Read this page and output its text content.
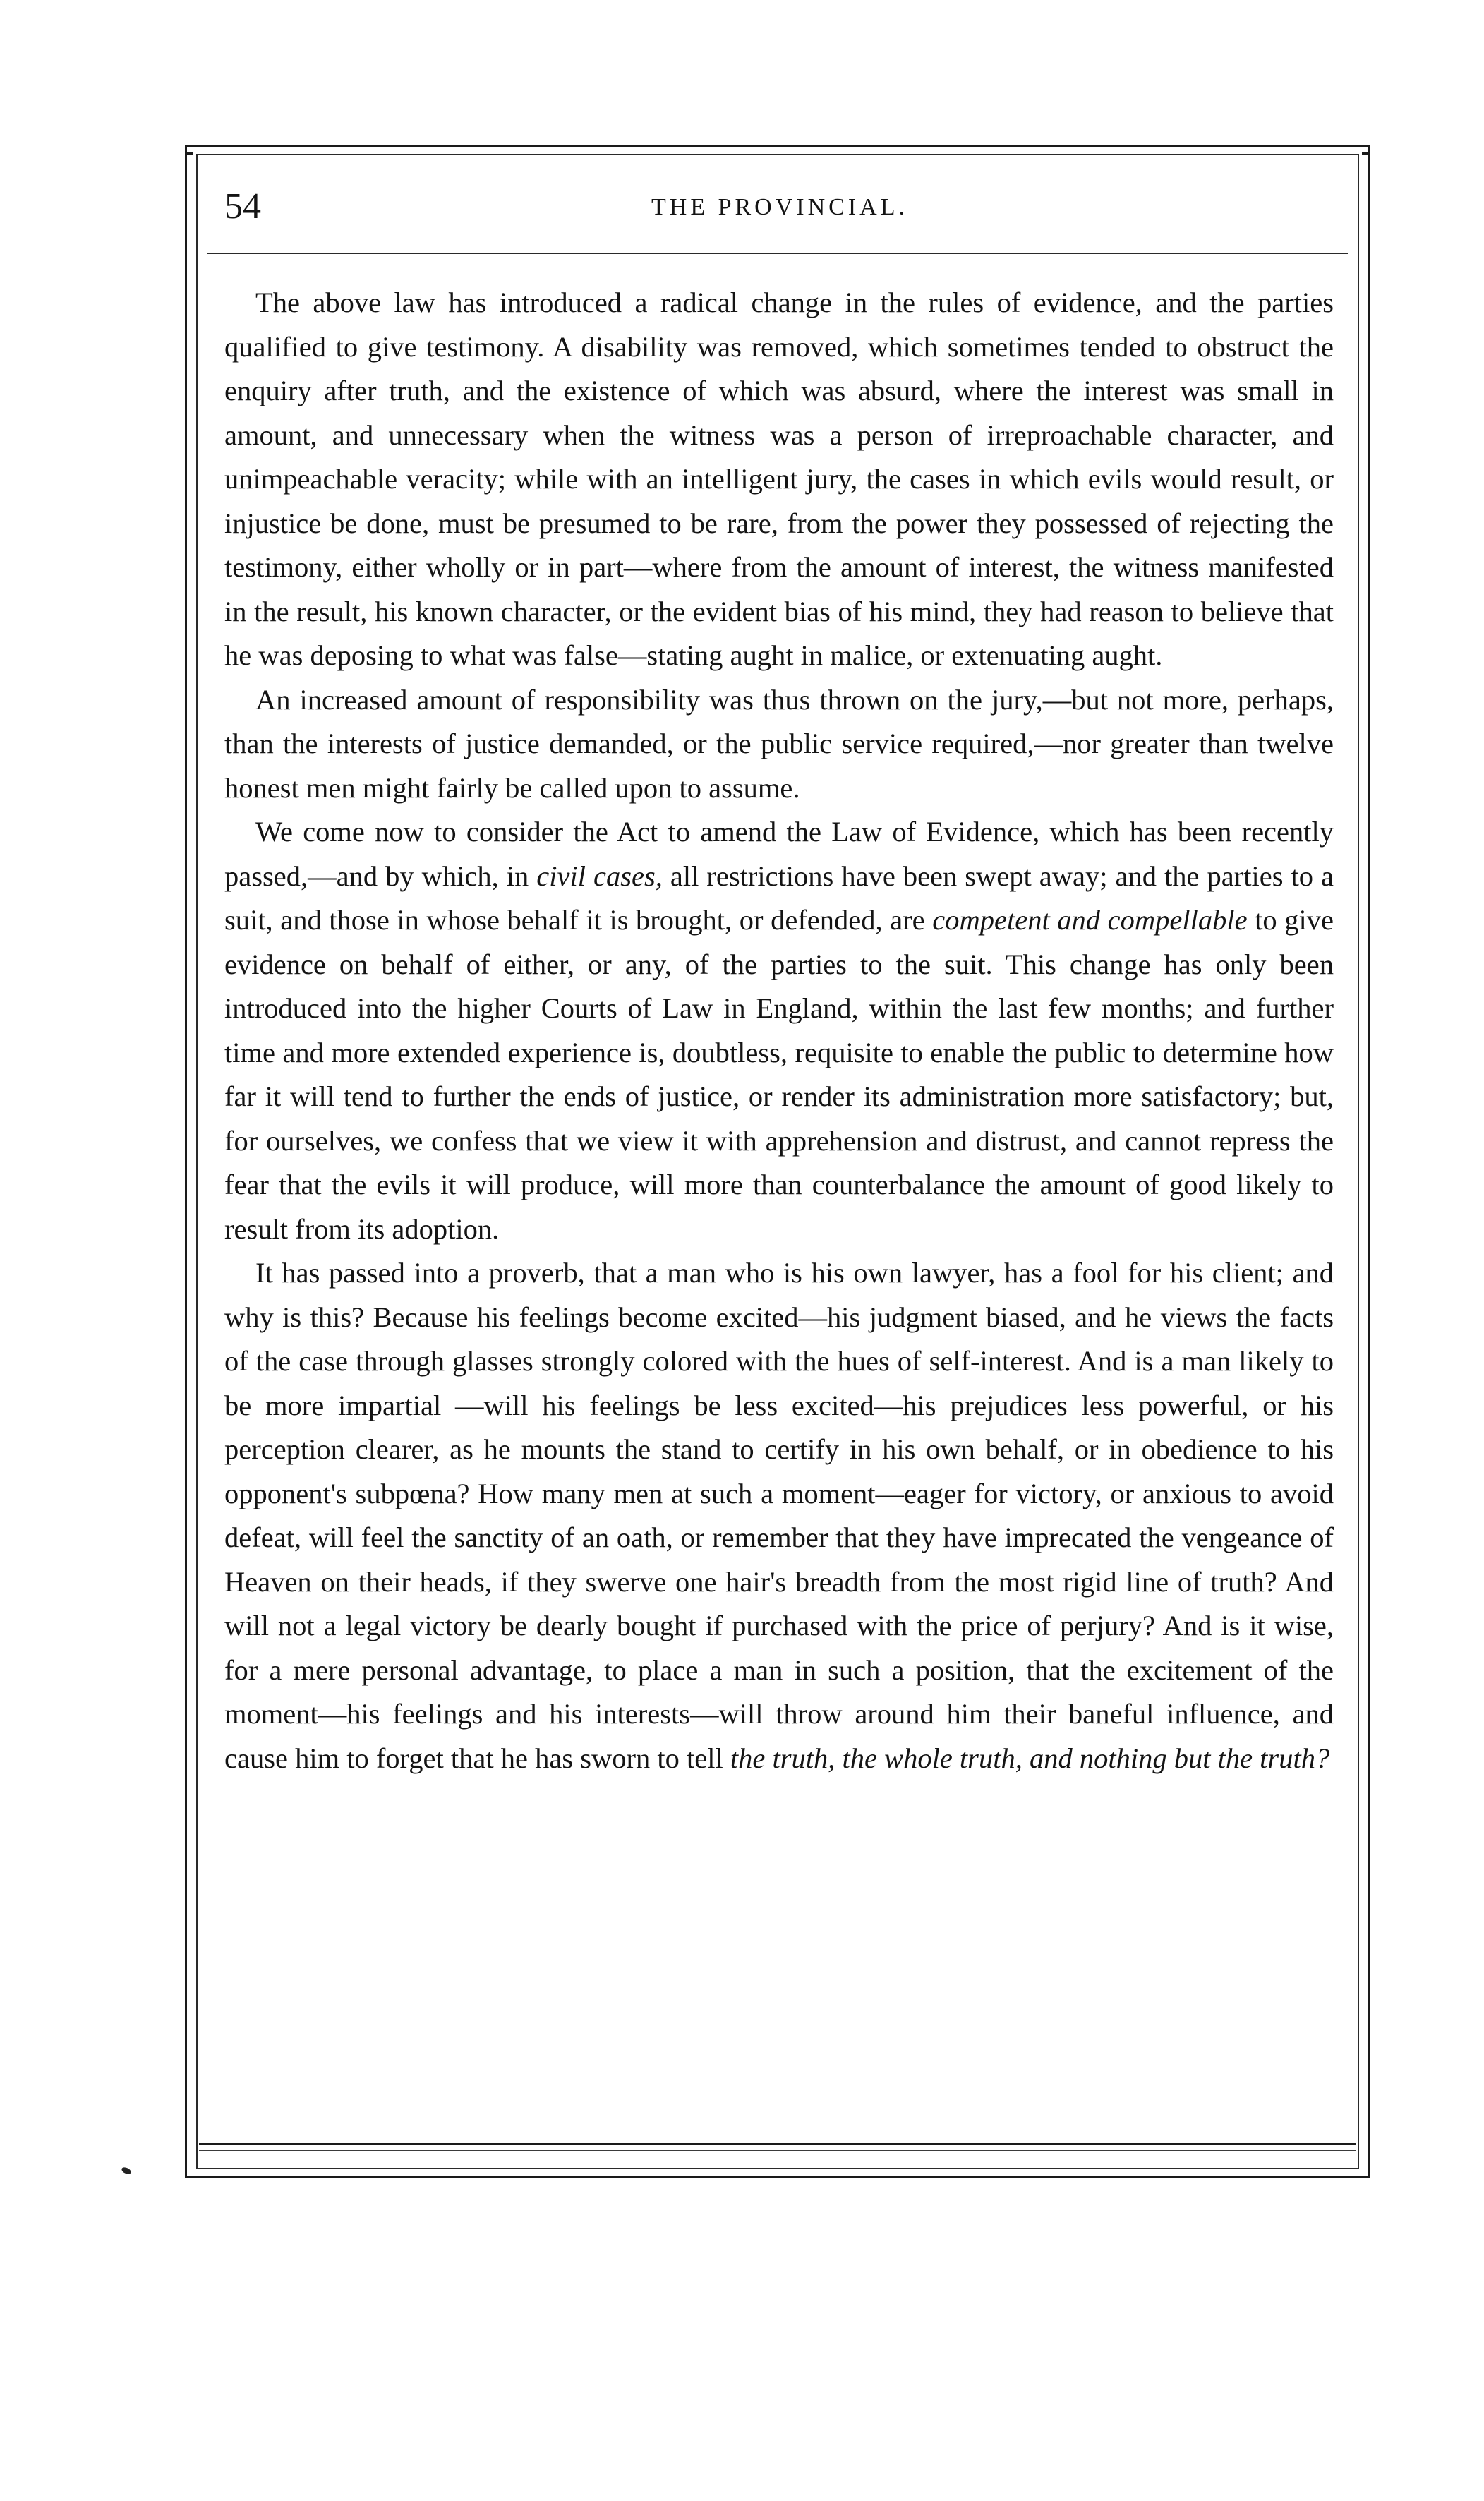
54	THE PROVINCIAL.

The above law has introduced a radical change in the rules of evidence, and the parties qualified to give testimony. A disability was removed, which sometimes tended to obstruct the enquiry after truth, and the existence of which was absurd, where the interest was small in amount, and unnecessary when the witness was a person of irreproachable character, and unimpeachable veracity; while with an intelligent jury, the cases in which evils would result, or injustice be done, must be presumed to be rare, from the power they possessed of rejecting the testimony, either wholly or in part—where from the amount of interest, the witness manifested in the result, his known character, or the evident bias of his mind, they had reason to believe that he was deposing to what was false—stating aught in malice, or extenuating aught.

An increased amount of responsibility was thus thrown on the jury,—but not more, perhaps, than the interests of justice demanded, or the public service required,—nor greater than twelve honest men might fairly be called upon to assume.

We come now to consider the Act to amend the Law of Evidence, which has been recently passed,—and by which, in civil cases, all restrictions have been swept away; and the parties to a suit, and those in whose behalf it is brought, or defended, are competent and compellable to give evidence on behalf of either, or any, of the parties to the suit. This change has only been introduced into the higher Courts of Law in England, within the last few months; and further time and more extended experience is, doubtless, requisite to enable the public to determine how far it will tend to further the ends of justice, or render its administration more satisfactory; but, for ourselves, we confess that we view it with apprehension and distrust, and cannot repress the fear that the evils it will produce, will more than counterbalance the amount of good likely to result from its adoption.

It has passed into a proverb, that a man who is his own lawyer, has a fool for his client; and why is this? Because his feelings become excited—his judgment biased, and he views the facts of the case through glasses strongly colored with the hues of self-interest. And is a man likely to be more impartial —will his feelings be less excited—his prejudices less powerful, or his perception clearer, as he mounts the stand to certify in his own behalf, or in obedience to his opponent's subpœna? How many men at such a moment—eager for victory, or anxious to avoid defeat, will feel the sanctity of an oath, or remember that they have imprecated the vengeance of Heaven on their heads, if they swerve one hair's breadth from the most rigid line of truth? And will not a legal victory be dearly bought if purchased with the price of perjury? And is it wise, for a mere personal advantage, to place a man in such a position, that the excitement of the moment—his feelings and his interests—will throw around him their baneful influence, and cause him to forget that he has sworn to tell the truth, the whole truth, and nothing but the truth?
